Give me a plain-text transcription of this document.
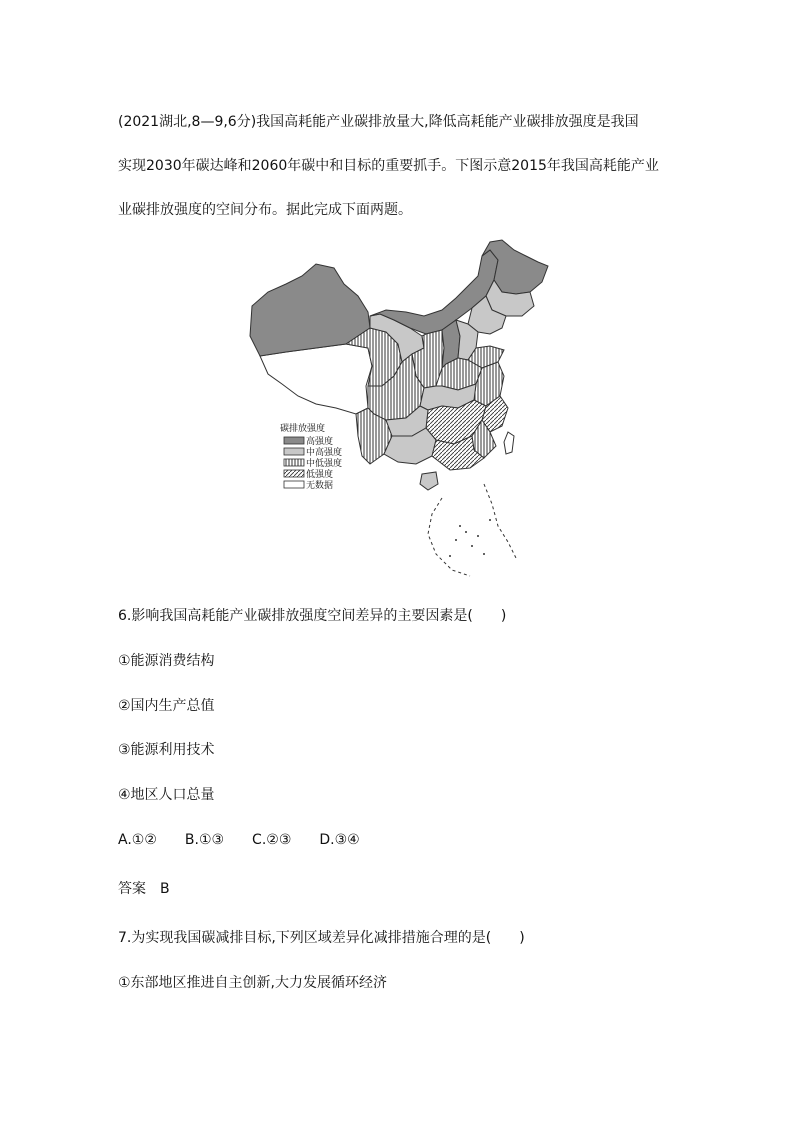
(2021湖北,8—9,6分)我国高耗能产业碳排放量大,降低高耗能产业碳排放强度是我国

实现2030年碳达峰和2060年碳中和目标的重要抓手。下图示意2015年我国高耗能产业

业碳排放强度的空间分布。据此完成下面两题。

碳排放强度
高强度
中高强度
中低强度
低强度
无数据

6.影响我国高耗能产业碳排放强度空间差异的主要因素是(　　)

①能源消费结构

②国内生产总值

③能源利用技术

④地区人口总量

A.①② B.①③ C.②③ D.③④

答案 B

7.为实现我国碳减排目标,下列区域差异化减排措施合理的是(　　)

①东部地区推进自主创新,大力发展循环经济
